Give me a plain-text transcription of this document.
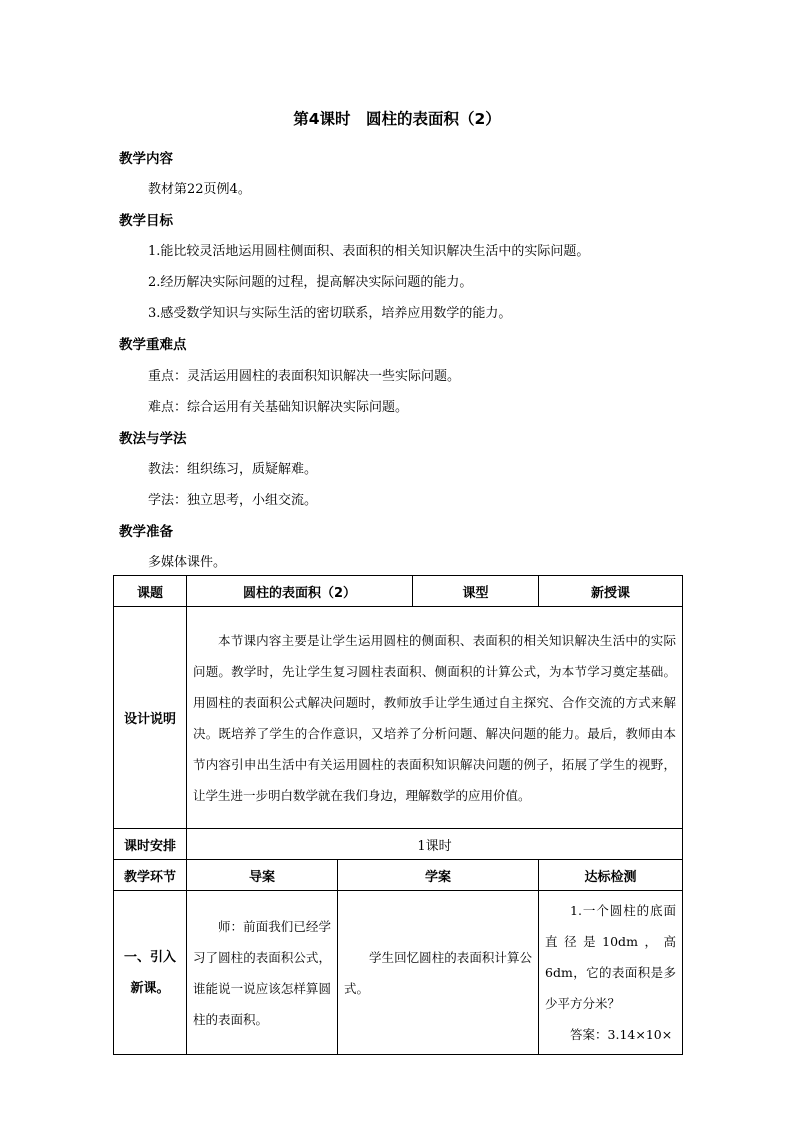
第4课时　圆柱的表面积（2）
教学内容
教材第22页例4。
教学目标
1.能比较灵活地运用圆柱侧面积、表面积的相关知识解决生活中的实际问题。
2.经历解决实际问题的过程，提高解决实际问题的能力。
3.感受数学知识与实际生活的密切联系，培养应用数学的能力。
教学重难点
重点：灵活运用圆柱的表面积知识解决一些实际问题。
难点：综合运用有关基础知识解决实际问题。
教法与学法
教法：组织练习，质疑解难。
学法：独立思考，小组交流。
教学准备
多媒体课件。
课题	圆柱的表面积（2）		课型	新授课
设计说明	本节课内容主要是让学生运用圆柱的侧面积、表面积的相关知识解决生活中的实际问题。教学时，先让学生复习圆柱表面积、侧面积的计算公式，为本节学习奠定基础。用圆柱的表面积公式解决问题时，教师放手让学生通过自主探究、合作交流的方式来解决。既培养了学生的合作意识，又培养了分析问题、解决问题的能力。最后，教师由本节内容引申出生活中有关运用圆柱的表面积知识解决问题的例子，拓展了学生的视野，让学生进一步明白数学就在我们身边，理解数学的应用价值。			
课时安排	1课时			
教学环节	导案	学案		达标检测
一、引入新课。	师：前面我们已经学习了圆柱的表面积公式，谁能说一说应该怎样算圆柱的表面积。	学生回忆圆柱的表面积计算公式。		1.一个圆柱的底面直径是10dm，高6dm，它的表面积是多少平方分米？
答案：3.14×10×
